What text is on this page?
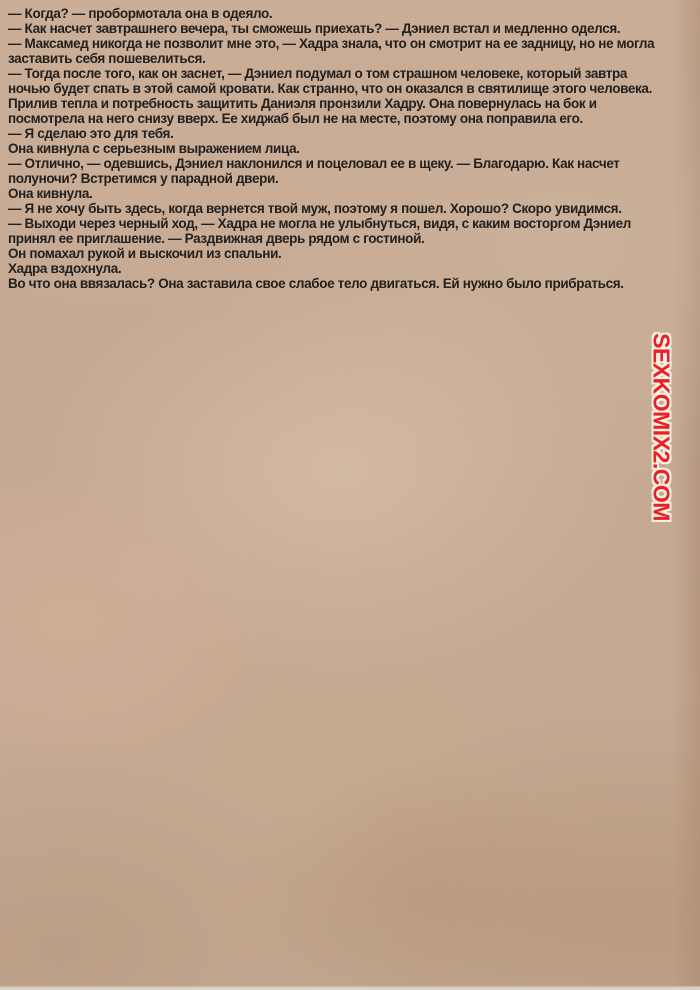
— Когда? — пробормотала она в одеяло.
— Как насчет завтрашнего вечера, ты сможешь приехать? — Дэниел встал и медленно оделся.
— Максамед никогда не позволит мне это, — Хадра знала, что он смотрит на ее задницу, но не могла
заставить себя пошевелиться.
— Тогда после того, как он заснет, — Дэниел подумал о том страшном человеке, который завтра
ночью будет спать в этой самой кровати. Как странно, что он оказался в святилище этого человека.
Прилив тепла и потребность защитить Даниэля пронзили Хадру. Она повернулась на бок и
посмотрела на него снизу вверх. Ее хиджаб был не на месте, поэтому она поправила его.
— Я сделаю это для тебя.
Она кивнула с серьезным выражением лица.
— Отлично, — одевшись, Дэниел наклонился и поцеловал ее в щеку. — Благодарю. Как насчет
полуночи? Встретимся у парадной двери.
Она кивнула.
— Я не хочу быть здесь, когда вернется твой муж, поэтому я пошел. Хорошо? Скоро увидимся.
— Выходи через черный ход, — Хадра не могла не улыбнуться, видя, с каким восторгом Дэниел
принял ее приглашение. — Раздвижная дверь рядом с гостиной.
Он помахал рукой и выскочил из спальни.
Хадра вздохнула.
Во что она ввязалась? Она заставила свое слабое тело двигаться. Ей нужно было прибраться.
SEXKOMIX2.COM
